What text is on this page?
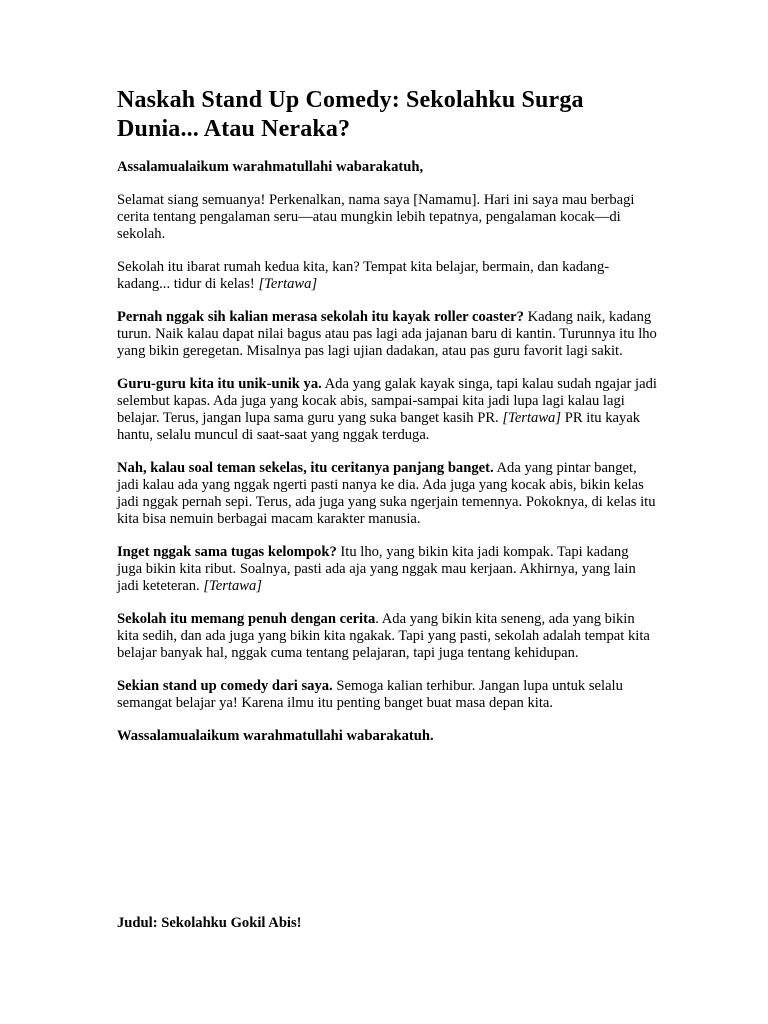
Naskah Stand Up Comedy: Sekolahku Surga Dunia... Atau Neraka?

Assalamualaikum warahmatullahi wabarakatuh,

Selamat siang semuanya! Perkenalkan, nama saya [Namamu]. Hari ini saya mau berbagi cerita tentang pengalaman seru—atau mungkin lebih tepatnya, pengalaman kocak—di sekolah.

Sekolah itu ibarat rumah kedua kita, kan? Tempat kita belajar, bermain, dan kadang-kadang... tidur di kelas! [Tertawa]

Pernah nggak sih kalian merasa sekolah itu kayak roller coaster? Kadang naik, kadang turun. Naik kalau dapat nilai bagus atau pas lagi ada jajanan baru di kantin. Turunnya itu lho yang bikin geregetan. Misalnya pas lagi ujian dadakan, atau pas guru favorit lagi sakit.

Guru-guru kita itu unik-unik ya. Ada yang galak kayak singa, tapi kalau sudah ngajar jadi selembut kapas. Ada juga yang kocak abis, sampai-sampai kita jadi lupa lagi kalau lagi belajar. Terus, jangan lupa sama guru yang suka banget kasih PR. [Tertawa] PR itu kayak hantu, selalu muncul di saat-saat yang nggak terduga.

Nah, kalau soal teman sekelas, itu ceritanya panjang banget. Ada yang pintar banget, jadi kalau ada yang nggak ngerti pasti nanya ke dia. Ada juga yang kocak abis, bikin kelas jadi nggak pernah sepi. Terus, ada juga yang suka ngerjain temennya. Pokoknya, di kelas itu kita bisa nemuin berbagai macam karakter manusia.

Inget nggak sama tugas kelompok? Itu lho, yang bikin kita jadi kompak. Tapi kadang juga bikin kita ribut. Soalnya, pasti ada aja yang nggak mau kerjaan. Akhirnya, yang lain jadi keteteran. [Tertawa]

Sekolah itu memang penuh dengan cerita. Ada yang bikin kita seneng, ada yang bikin kita sedih, dan ada juga yang bikin kita ngakak. Tapi yang pasti, sekolah adalah tempat kita belajar banyak hal, nggak cuma tentang pelajaran, tapi juga tentang kehidupan.

Sekian stand up comedy dari saya. Semoga kalian terhibur. Jangan lupa untuk selalu semangat belajar ya! Karena ilmu itu penting banget buat masa depan kita.

Wassalamualaikum warahmatullahi wabarakatuh.

Judul: Sekolahku Gokil Abis!
